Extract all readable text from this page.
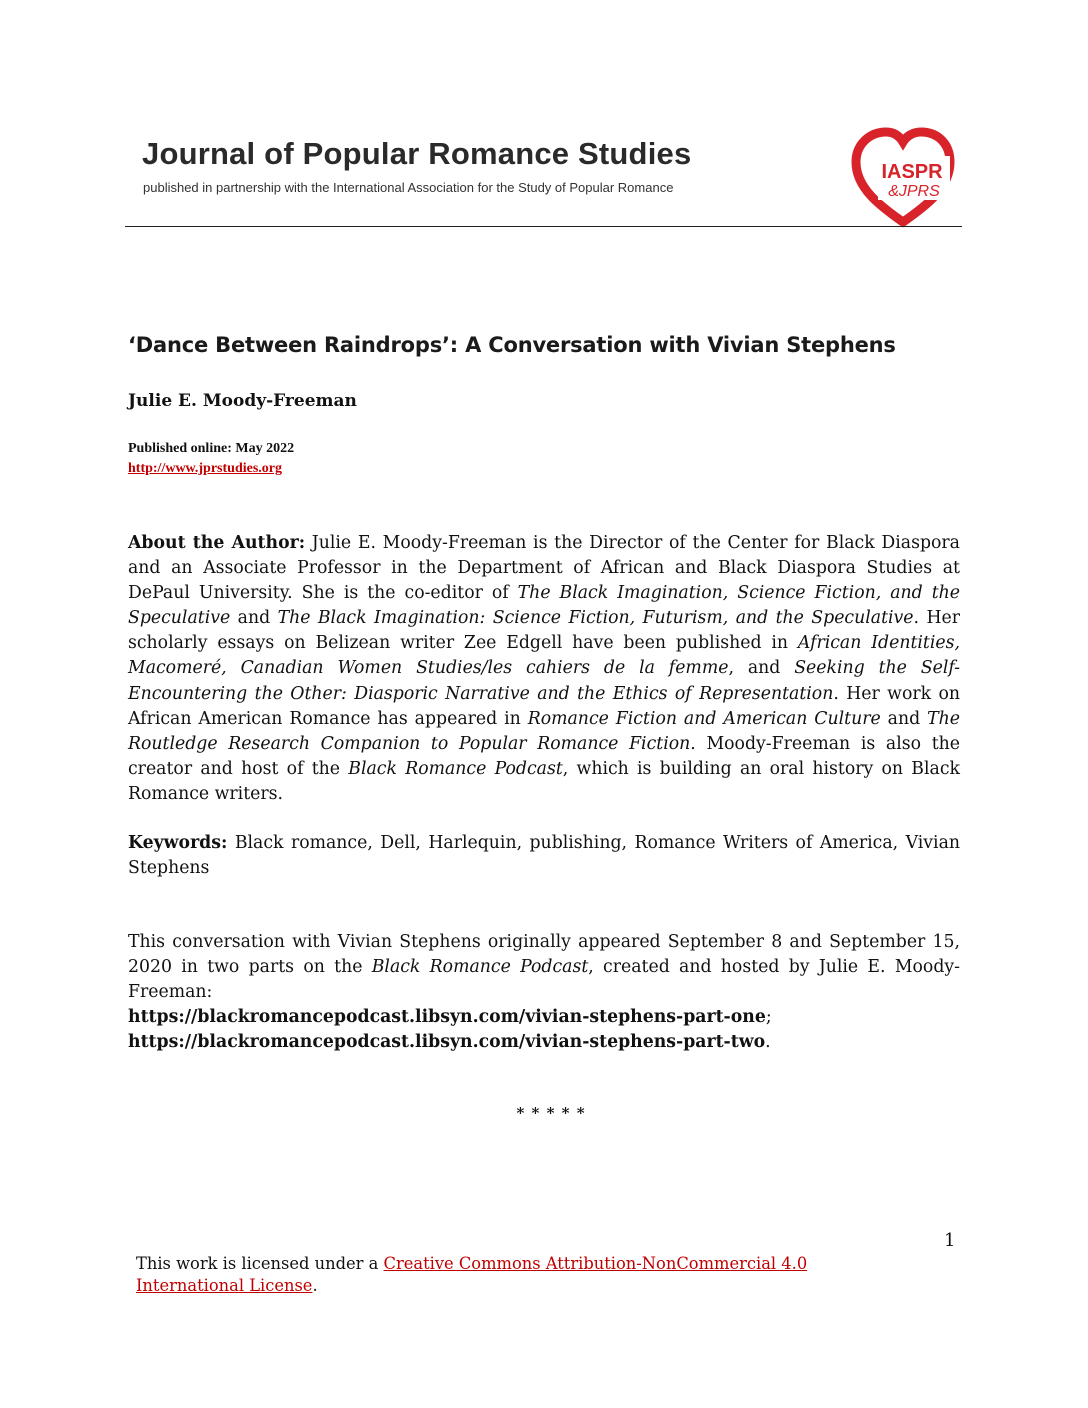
Journal of Popular Romance Studies
published in partnership with the International Association for the Study of Popular Romance
IASPR
&JPRS
‘Dance Between Raindrops’: A Conversation with Vivian Stephens
Julie E. Moody-Freeman
Published online: May 2022
http://www.jprstudies.org

About the Author: Julie E. Moody-Freeman is the Director of the Center for Black Diaspora and an Associate Professor in the Department of African and Black Diaspora Studies at DePaul University. She is the co-editor of The Black Imagination, Science Fiction, and the Speculative and The Black Imagination: Science Fiction, Futurism, and the Speculative. Her scholarly essays on Belizean writer Zee Edgell have been published in African Identities, Macomeré, Canadian Women Studies/les cahiers de la femme, and Seeking the Self-Encountering the Other: Diasporic Narrative and the Ethics of Representation. Her work on African American Romance has appeared in Romance Fiction and American Culture and The Routledge Research Companion to Popular Romance Fiction. Moody-Freeman is also the creator and host of the Black Romance Podcast, which is building an oral history on Black Romance writers.

Keywords: Black romance, Dell, Harlequin, publishing, Romance Writers of America, Vivian Stephens

This conversation with Vivian Stephens originally appeared September 8 and September 15, 2020 in two parts on the Black Romance Podcast, created and hosted by Julie E. Moody-Freeman:
https://blackromancepodcast.libsyn.com/vivian-stephens-part-one;
https://blackromancepodcast.libsyn.com/vivian-stephens-part-two.
* * * * *
1
This work is licensed under a Creative Commons Attribution-NonCommercial 4.0 International License.
